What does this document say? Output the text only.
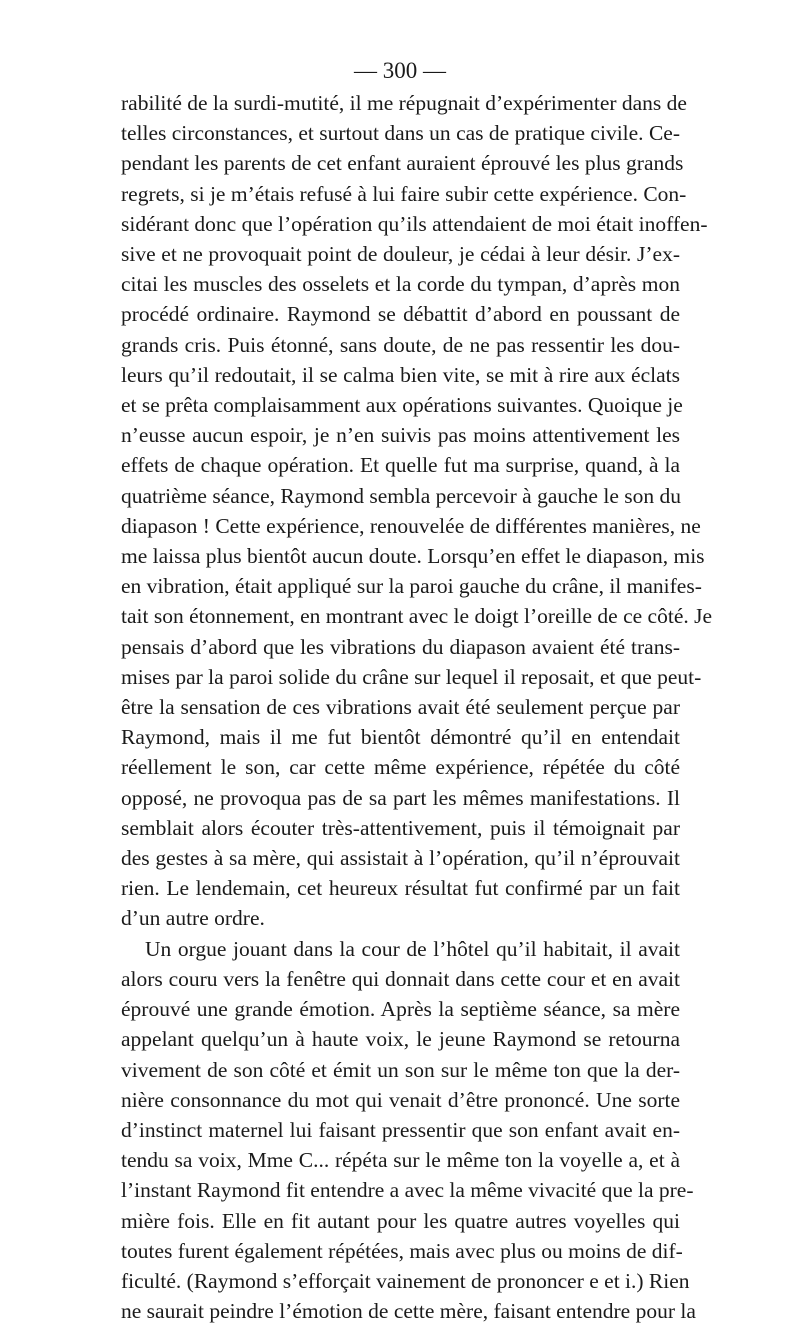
— 300 —
rabilité de la surdi-mutité, il me répugnait d’expérimenter dans de
telles circonstances, et surtout dans un cas de pratique civile. Ce-
pendant les parents de cet enfant auraient éprouvé les plus grands
regrets, si je m’étais refusé à lui faire subir cette expérience. Con-
sidérant donc que l’opération qu’ils attendaient de moi était inoffen-
sive et ne provoquait point de douleur, je cédai à leur désir. J’ex-
citai les muscles des osselets et la corde du tympan, d’après mon
procédé ordinaire. Raymond se débattit d’abord en poussant de
grands cris. Puis étonné, sans doute, de ne pas ressentir les dou-
leurs qu’il redoutait, il se calma bien vite, se mit à rire aux éclats
et se prêta complaisamment aux opérations suivantes. Quoique je
n’eusse aucun espoir, je n’en suivis pas moins attentivement les
effets de chaque opération. Et quelle fut ma surprise, quand, à la
quatrième séance, Raymond sembla percevoir à gauche le son du
diapason ! Cette expérience, renouvelée de différentes manières, ne
me laissa plus bientôt aucun doute. Lorsqu’en effet le diapason, mis
en vibration, était appliqué sur la paroi gauche du crâne, il manifes-
tait son étonnement, en montrant avec le doigt l’oreille de ce côté. Je
pensais d’abord que les vibrations du diapason avaient été trans-
mises par la paroi solide du crâne sur lequel il reposait, et que peut-
être la sensation de ces vibrations avait été seulement perçue par
Raymond, mais il me fut bientôt démontré qu’il en entendait
réellement le son, car cette même expérience, répétée du côté
opposé, ne provoqua pas de sa part les mêmes manifestations. Il
semblait alors écouter très-attentivement, puis il témoignait par
des gestes à sa mère, qui assistait à l’opération, qu’il n’éprouvait
rien. Le lendemain, cet heureux résultat fut confirmé par un fait
d’un autre ordre.
Un orgue jouant dans la cour de l’hôtel qu’il habitait, il avait
alors couru vers la fenêtre qui donnait dans cette cour et en avait
éprouvé une grande émotion. Après la septième séance, sa mère
appelant quelqu’un à haute voix, le jeune Raymond se retourna
vivement de son côté et émit un son sur le même ton que la der-
nière consonnance du mot qui venait d’être prononcé. Une sorte
d’instinct maternel lui faisant pressentir que son enfant avait en-
tendu sa voix, Mme C... répéta sur le même ton la voyelle a, et à
l’instant Raymond fit entendre a avec la même vivacité que la pre-
mière fois. Elle en fit autant pour les quatre autres voyelles qui
toutes furent également répétées, mais avec plus ou moins de dif-
ficulté. (Raymond s’efforçait vainement de prononcer e et i.) Rien
ne saurait peindre l’émotion de cette mère, faisant entendre pour la
